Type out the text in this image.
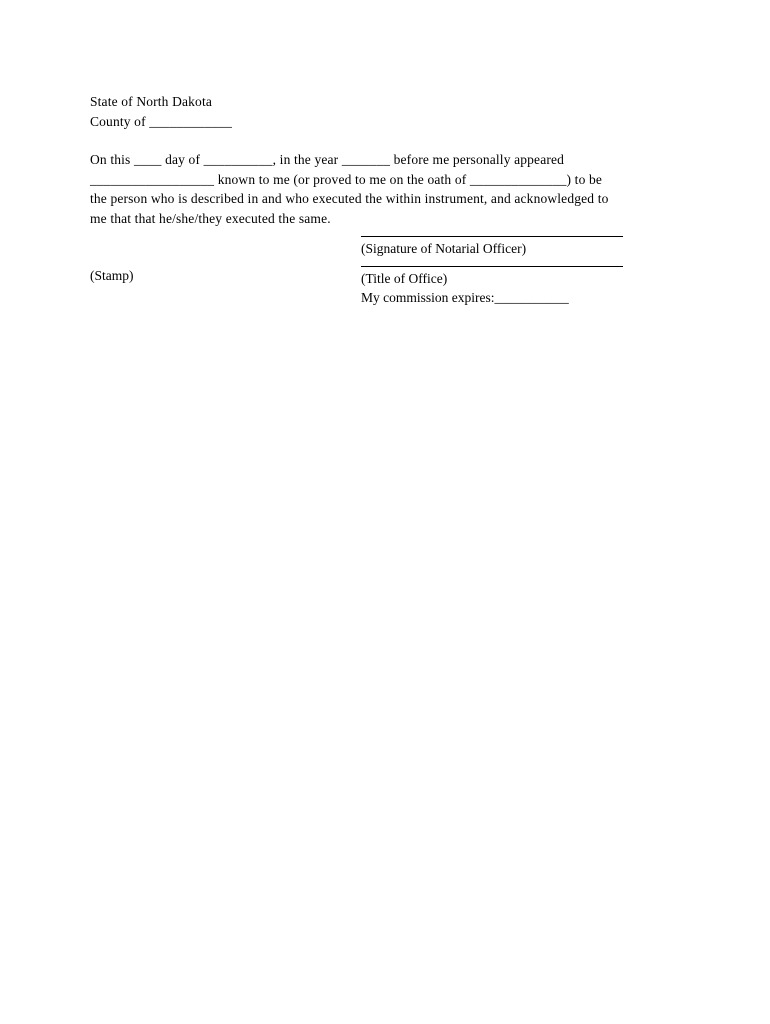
State of North Dakota
County of ____________
On this ____ day of __________, in the year _______ before me personally appeared __________________ known to me (or proved to me on the oath of ______________) to be the person who is described in and who executed the within instrument, and acknowledged to me that that he/she/they executed the same.
(Stamp)
(Signature of Notarial Officer)
(Title of Office)
My commission expires:___________
